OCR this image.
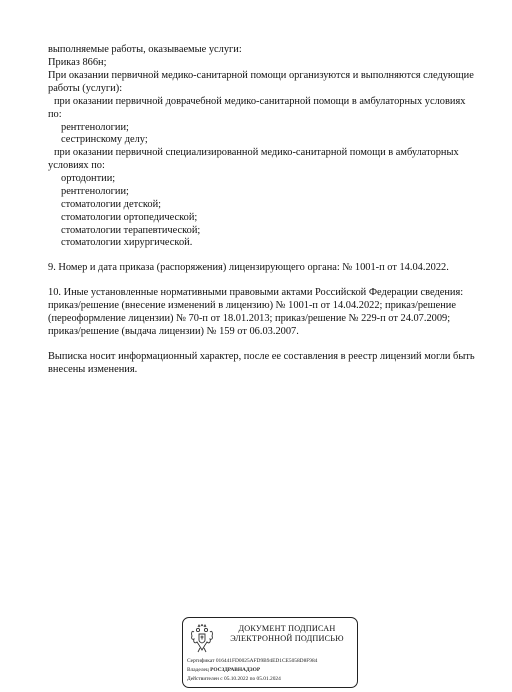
выполняемые работы, оказываемые услуги:
Приказ 866н;
При оказании первичной медико-санитарной помощи организуются и выполняются следующие
работы (услуги):
при оказании первичной доврачебной медико-санитарной помощи в амбулаторных условиях
по:
рентгенологии;
сестринскому делу;
при оказании первичной специализированной медико-санитарной помощи в амбулаторных
условиях по:
ортодонтии;
рентгенологии;
стоматологии детской;
стоматологии ортопедической;
стоматологии терапевтической;
стоматологии хирургической.
9. Номер и дата приказа (распоряжения) лицензирующего органа: № 1001-п от 14.04.2022.
10. Иные установленные нормативными правовыми актами Российской Федерации сведения:
приказ/решение (внесение изменений в лицензию) № 1001-п от 14.04.2022; приказ/решение
(переоформление лицензии) № 70-п от 18.01.2013; приказ/решение № 229-п от 24.07.2009;
приказ/решение (выдача лицензии) № 159 от 06.03.2007.
Выписка носит информационный характер, после ее составления в реестр лицензий могли быть
внесены изменения.
ДОКУМЕНТ ПОДПИСАН
ЭЛЕКТРОННОЙ ПОДПИСЬЮ
Сертификат 016441FD0025AFD9B94ED1CE5058D8F984
Владелец РОСЗДРАВНАДЗОР
Действителен с 05.10.2022 по 05.01.2024
